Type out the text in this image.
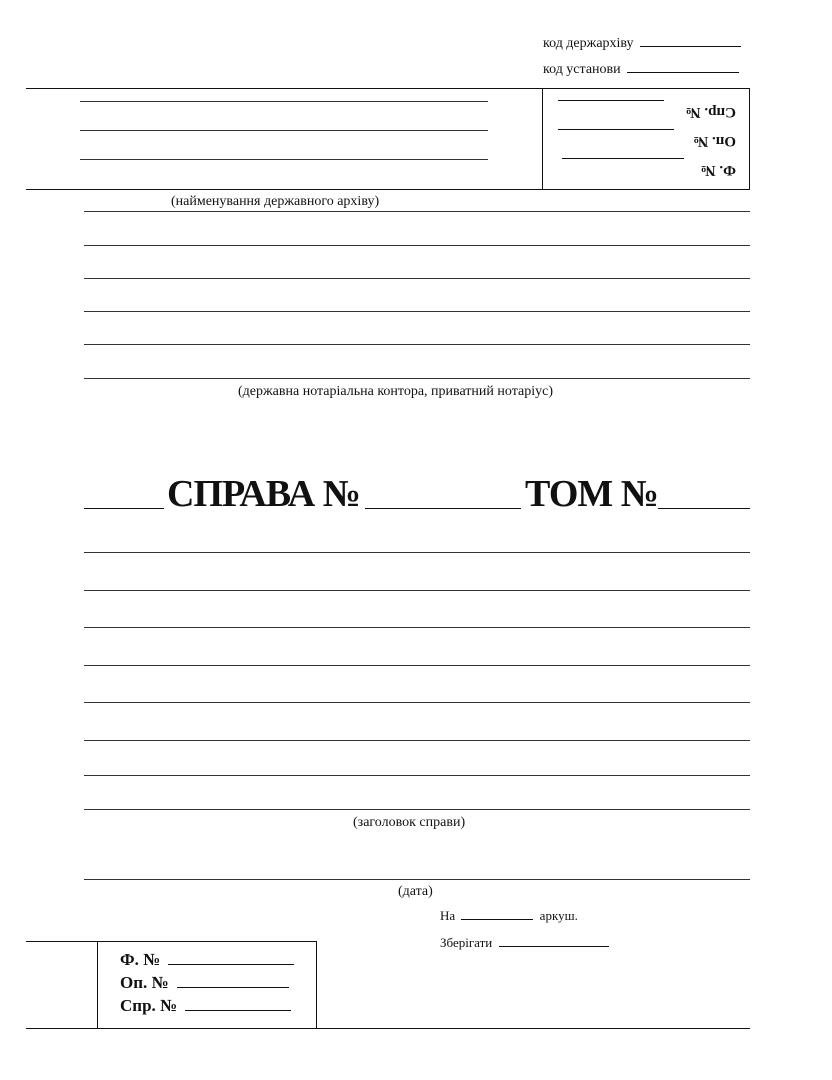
код держархіву
код установи
Ф. №
Оп. №
Спр. №
(найменування державного архіву)
(державна нотаріальна контора, приватний нотаріус)
СПРАВА №	ТОМ №
(заголовок справи)
(дата)
На	аркуш.
Зберігати
Ф. №
Оп. №
Спр. №
